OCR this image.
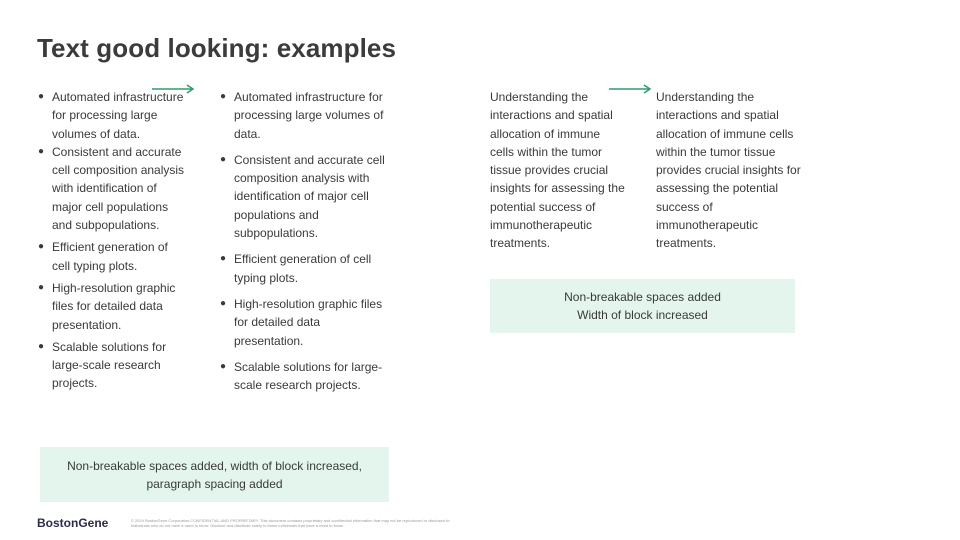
Text good looking: examples
● Automated infrastructure for processing large volumes of data.
● Consistent and accurate cell composition analysis with identification of major cell populations and subpopulations.
● Efficient generation of cell typing plots.
● High-resolution graphic files for detailed data presentation.
● Scalable solutions for large-scale research projects.
● Automated infrastructure for processing large volumes of data.
● Consistent and accurate cell composition analysis with identification of major cell populations and subpopulations.
● Efficient generation of cell typing plots.
● High-resolution graphic files for detailed data presentation.
● Scalable solutions for large-scale research projects.
Non-breakable spaces added, width of block increased,
paragraph spacing added

Understanding the interactions and spatial allocation of immune cells within the tumor tissue provides crucial insights for assessing the potential success of immunotherapeutic treatments.

Understanding the interactions and spatial allocation of immune cells within the tumor tissue provides crucial insights for assessing the potential success of immunotherapeutic treatments.

Non-breakable spaces added
Width of block increased
BostonGene	© 2024 BostonGene Corporation CONFIDENTIAL AND PROPRIETARY. This document contains proprietary and confidential information that may not be reproduced or disclosed to individuals who do not have a need to know. Disclose and distribute solely to those individuals that have a need to know.
